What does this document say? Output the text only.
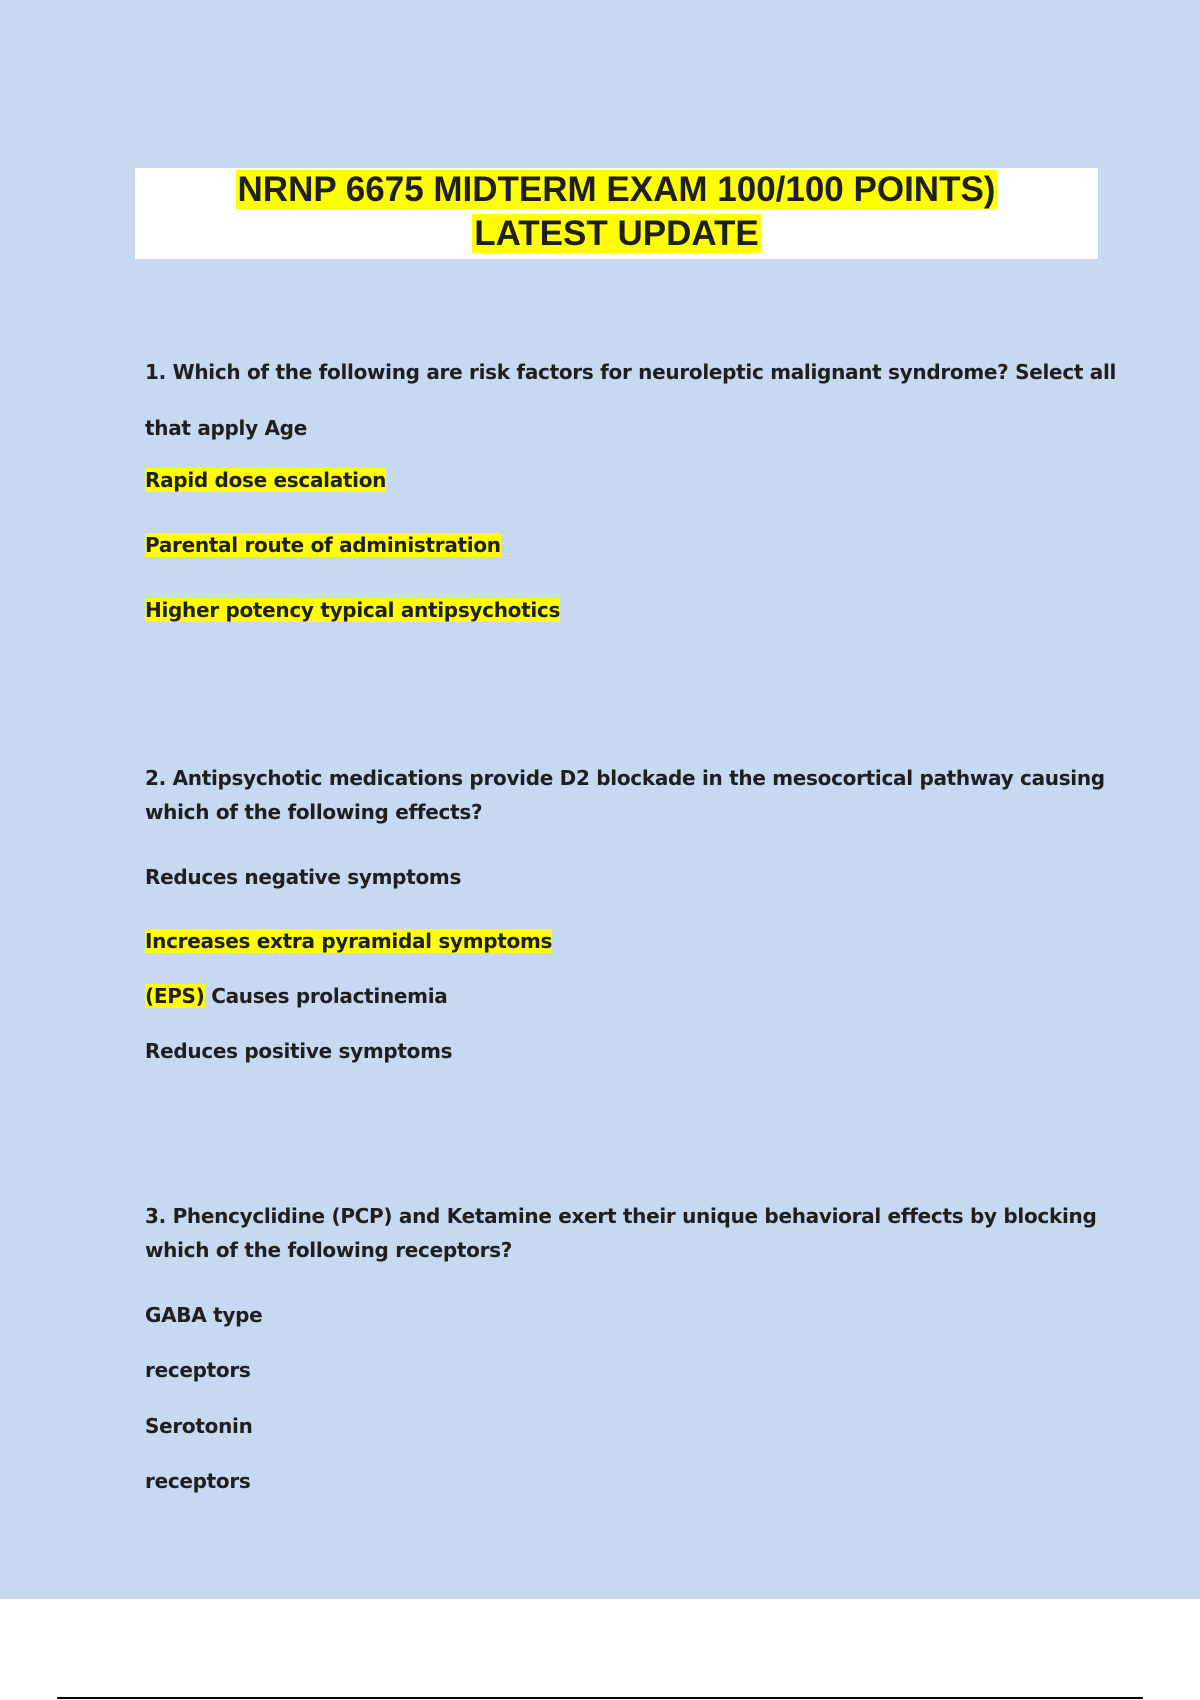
NRNP 6675 MIDTERM EXAM 100/100 POINTS)
LATEST UPDATE
1. Which of the following are risk factors for neuroleptic malignant syndrome? Select all
that apply Age
Rapid dose escalation
Parental route of administration
Higher potency typical antipsychotics
2. Antipsychotic medications provide D2 blockade in the mesocortical pathway causing
which of the following effects?
Reduces negative symptoms
Increases extra pyramidal symptoms
(EPS) Causes prolactinemia
Reduces positive symptoms
3. Phencyclidine (PCP) and Ketamine exert their unique behavioral effects by blocking
which of the following receptors?
GABA type
receptors
Serotonin
receptors
